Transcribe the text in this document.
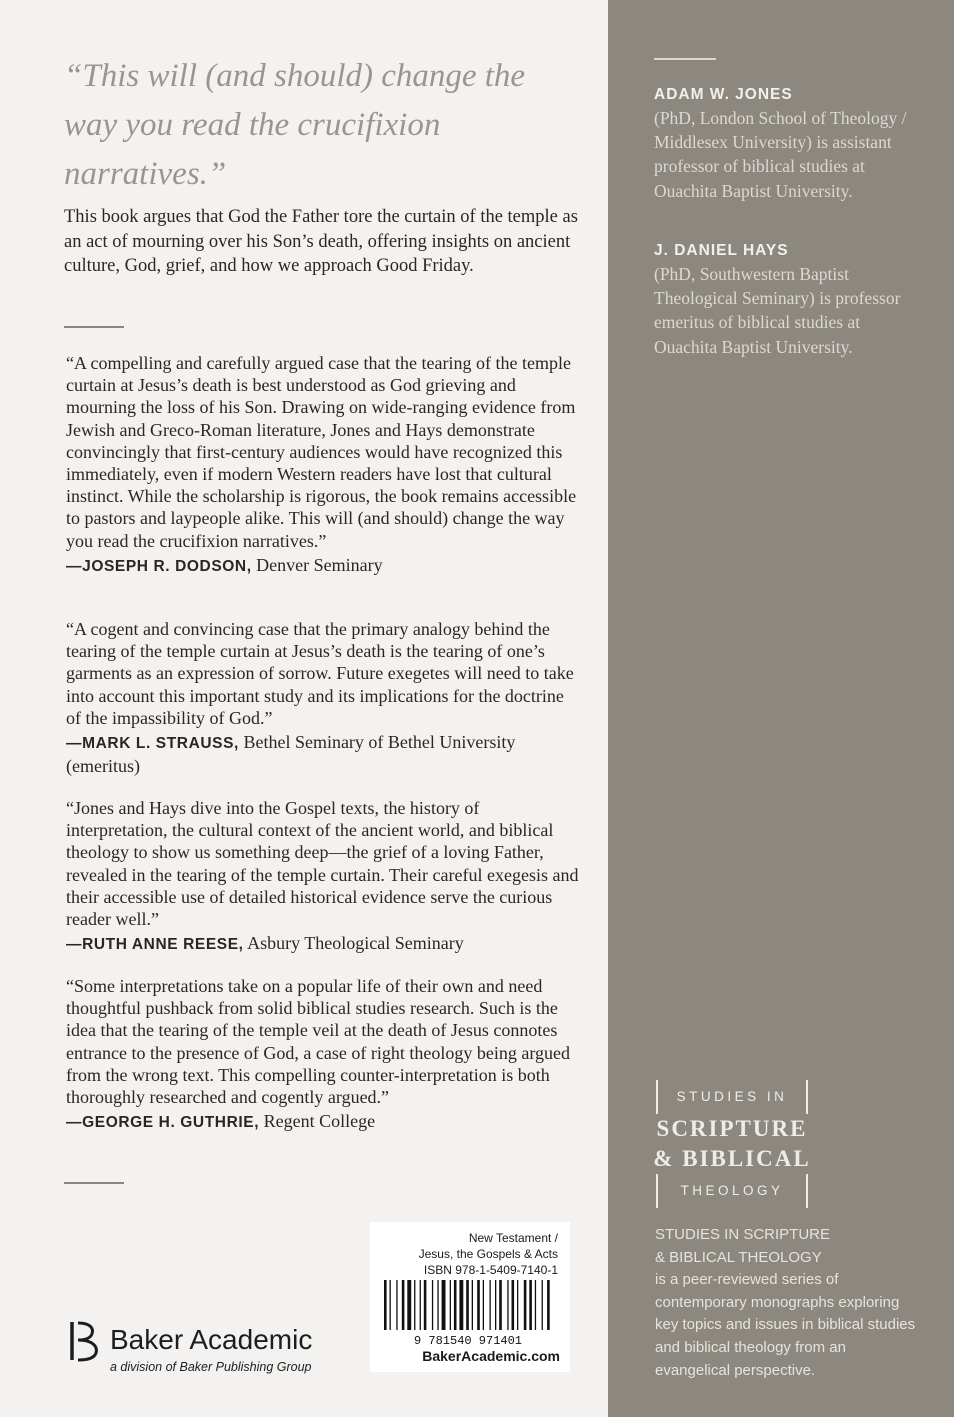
“This will (and should) change the way you read the crucifixion narratives.”
This book argues that God the Father tore the curtain of the temple as an act of mourning over his Son’s death, offering insights on ancient culture, God, grief, and how we approach Good Friday.
“A compelling and carefully argued case that the tearing of the temple curtain at Jesus’s death is best understood as God grieving and mourning the loss of his Son. Drawing on wide-ranging evidence from Jewish and Greco-Roman literature, Jones and Hays demonstrate convincingly that first-century audiences would have recognized this immediately, even if modern Western readers have lost that cultural instinct. While the scholarship is rigorous, the book remains accessible to pastors and laypeople alike. This will (and should) change the way you read the crucifixion narratives.”
—JOSEPH R. DODSON, Denver Seminary
“A cogent and convincing case that the primary analogy behind the tearing of the temple curtain at Jesus’s death is the tearing of one’s garments as an expression of sorrow. Future exegetes will need to take into account this important study and its implications for the doctrine of the impassibility of God.”
—MARK L. STRAUSS, Bethel Seminary of Bethel University (emeritus)
“Jones and Hays dive into the Gospel texts, the history of interpretation, the cultural context of the ancient world, and biblical theology to show us something deep—the grief of a loving Father, revealed in the tearing of the temple curtain. Their careful exegesis and their accessible use of detailed historical evidence serve the curious reader well.”
—RUTH ANNE REESE, Asbury Theological Seminary
“Some interpretations take on a popular life of their own and need thoughtful pushback from solid biblical studies research. Such is the idea that the tearing of the temple veil at the death of Jesus connotes entrance to the presence of God, a case of right theology being argued from the wrong text. This compelling counter-interpretation is both thoroughly researched and cogently argued.”
—GEORGE H. GUTHRIE, Regent College
ADAM W. JONES
(PhD, London School of Theology / Middlesex University) is assistant professor of biblical studies at Ouachita Baptist University.
J. DANIEL HAYS
(PhD, Southwestern Baptist Theological Seminary) is professor emeritus of biblical studies at Ouachita Baptist University.
STUDIES IN
SCRIPTURE
& BIBLICAL
THEOLOGY
STUDIES IN SCRIPTURE
& BIBLICAL THEOLOGY
is a peer-reviewed series of contemporary monographs exploring key topics and issues in biblical studies and biblical theology from an evangelical perspective.
New Testament /
Jesus, the Gospels & Acts
ISBN 978-1-5409-7140-1
9 781540 971401
BakerAcademic.com
Baker Academic
a division of Baker Publishing Group
